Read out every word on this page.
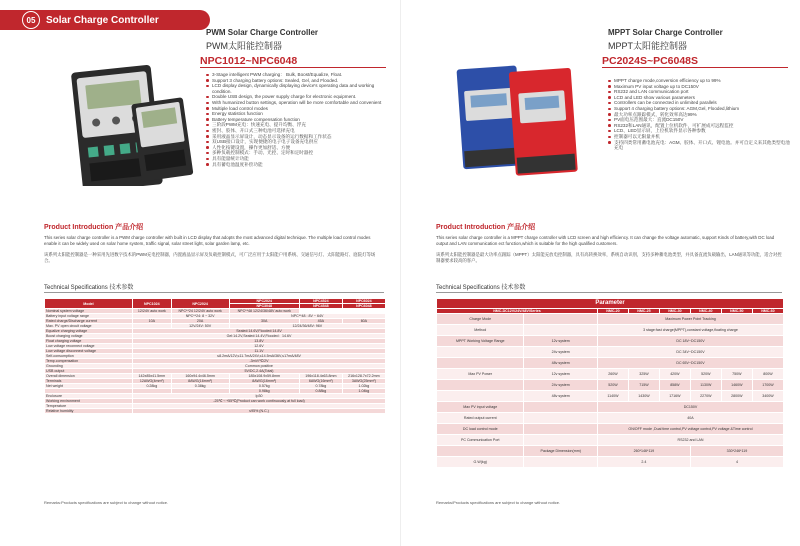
05	Solar Charge Controller
PWM Solar Charge Controller
PWM太阳能控制器
NPC1012~NPC6048
3-Stage intelligent PWM charging： Bulk, Boost/Equalize, Float.
Support 3 charging battery options: Sealed, Gel, and Flooded.
LCD display design, dynamically displaying device's operating data and working condition.
Double USB design, the power supply charge for electronic equipment.
With humanized button settings, operation will be more comfortable and convenient
Multiple load control modes
Energy statistics function
Battery temperature compensation function
三阶段PWM充电：快速充电、提升均衡、浮充
密封、胶体、开口式三种电池可选择充电
采用液晶显示屏设计，动态显示设备的运行数据和工作状态
双USB接口设计，实现便捷的电子电子设备充电供应
人性化按键设置，操作更加舒适、方便
多种负载控制模式：手动、光控、定时和定时器控
具有能量统计功能
具有蓄电池温度补偿功能
Product Introduction 产品介绍
This series solar charge controller is a PWM charge controller with built in LCD display that adopts the most advanced digital technique. The multiple load control modes enable it can be widely used on solar home system, traffic signal, solar street light, solar garden lamp, etc.
该系列太阳能控制器是一种采用先进数字技术的PWM充电控制器，内置液晶显示屏及负载控制模式，可广泛应用于太阳能户用系统、交通信号灯、太阳能路灯、庭院灯等场合。
Technical Specifications 技术参数
Model	NPC1024	NPC2024	NPC2024	NPC4524	NPC6024
			NPC3048	NPC4548	NPC6048
Nominal system voltage	12/24V auto work	NPC**24 12/24V auto work	NPC**48 12/24/36/48V auto work		
Battery input voltage range		NPC**24: 8 ~ 32V	NPC**48 : 8V ~ 64V		
Rated charge/Discharge current	10A	20A	30A	45A	60A
Max. PV open circuit voltage		12V/24V: 50V	12/24/36/48V: 96V		
Equalize charging voltage	Sealed:14.6V,Flooded:14.8V				
Boost charging voltage	Gel:14.2V,Sealed:14.4V,Flooded：14.6V				
Float charging voltage	13.8V				
Low voltage reconnect voltage	12.6V				
Low voltage disconnect voltage	11.1V				
Self-consumption	≤8.2mA/12V,≤11.7mA/24V,≤14.5mA/36V,≤17mA/48V				
Temp.compensation	-3mV/℃/2V				
Grounding	Common positive				
USB output	5V/DC,2.4A(Total)				
Overall dimension	142x85x41.5mm	160x94.4x46.5mm	185x108.9x59.8mm	196x118.4x63.8mm	216x128.7x72.2mm
Terminals	12AWG(4mm²)	8AWG(16mm²)	8AWG(16mm²)	6AWG(16mm²)	3AWG(25mm²)
Net weight	0.28kg	0.38kg	0.57kg	0.78kg	1.02kg
			0.98kg	0.88kg	1.04kg
Enclosure	Ip30				
Working environment	-25℃～+55℃(Product can work continuously at full load)				
Temperature					
Relative humidity	≤95% (N.C.)				
Remarks:Products specifications are subject to change without notice.
MPPT Solar Charge Controller
MPPT太阳能控制器
PC2024S~PC6048S
MPPT charge mode,conversion efficiency up to 99%
Maximum PV input voltage up to DC150V
RS232 and LAN communication port
LCD and LED show various parameters
Controllers can be connected in unlimited parallels
Support 4 charging battery options: AGM,Gel, Flooded,lithium
最大功率点跟踪模式，转化效率高达99%
PV面电压范围最大：直流DC150V
RS232和LAN通讯，配置上位机软件，可扩展成可远程监控
LCD、LED显示屏，上位机软件显示各种参数
控制器可以无限量并机
支持四类常用蓄电池充电：AGM、胶体、开口式、锂电池。并可自定义来其他类型电池充电
Product Introduction 产品介绍
This series solar charge controller is a MPPT charge controller with LCD screen and high efficiency. It can change the voltage automatic, support Kinds of battery,with DC load output and LAN communication ect function,which is suitable for the high qualified customers.
该系列太阳能控制器是最大功率点跟踪（MPPT）太阳能充放电控制器，具有高转换效率，系统自动识别，支持多种蓄电池类型，并具备直流负载输出，LAN通讯等功能，适合对控制器要求较高的客户。
Technical Specifications 技术参数
Parameter							
NMC-DC12V/24V/48V/Series		NMC-20	NMC-25	NMC-30	NMC-40	NMC-50	NMC-60
Charge Mode		Maximum Power Point Tracking					
Method		3 stage:fast charge(MPPT),constant voltage,floating charge					
MPPT Working Voltage Range	12v system	DC 18V~DC150V					
	24v system	DC 34V~DC150V					
	48v system	DC 65V~DC150V					
Max PV Power	12v system	260W	325W	420W	520W	750W	800W
	24v system	520W	715W	858W	1130W	1460W	1700W
	48v system	1140W	1430W	1716W	2270W	2800W	3400W
Max PV input voltage		DC150V					
Rated output current		40A					
DC load control mode		ON/OFF mode ,Dual time control,PV voltage control,PV voltage &Time control					
PC Communication Port		RS232 and LAN					
	Package Dimension(mm)	260*146*119			330*246*119		
G.W(kg)		2.4			4		
Remarks/Products specifications are subject to change without notice.
